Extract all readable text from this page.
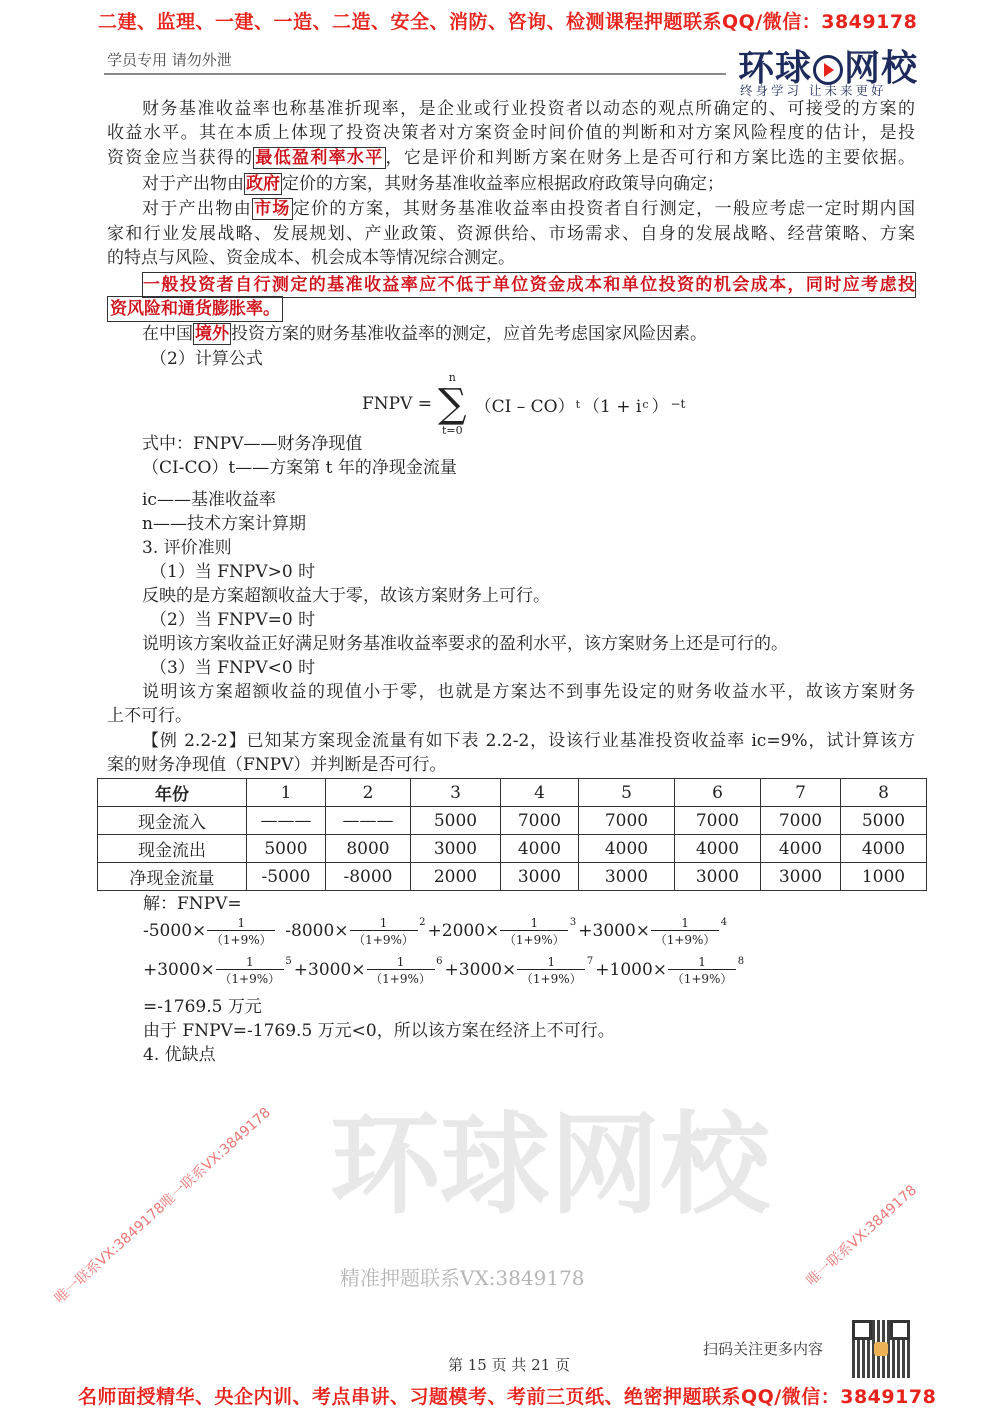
环球网校
精准押题联系VX:3849178
唯一联系VX:3849178唯一联系VX:3849178	唯一联系VX:3849178
二建、监理、一建、一造、二造、安全、消防、咨询、检测课程押题联系QQ/微信：3849178
学员专用 请勿外泄	环球 网校
终身学习 让未来更好
财务基准收益率也称基准折现率，是企业或行业投资者以动态的观点所确定的、可接受的方案的
收益水平。其在本质上体现了投资决策者对方案资金时间价值的判断和对方案风险程度的估计，是投
资资金应当获得的 最低盈利率水平 ，它是评价和判断方案在财务上是否可行和方案比选的主要依据。
对于产出物由 政府 定价的方案，其财务基准收益率应根据政府政策导向确定；
对于产出物由 市场 定价的方案，其财务基准收益率由投资者自行测定，一般应考虑一定时期内国
家和行业发展战略、发展规划、产业政策、资源供给、市场需求、自身的发展战略、经营策略、方案
的特点与风险、资金成本、机会成本等情况综合测定。
一般投资者自行测定的基准收益率应不低于单位资金成本和单位投资的机会成本，同时应考虑投
资风险和通货膨胀率。
在中国 境外 投资方案的财务基准收益率的测定，应首先考虑国家风险因素。
（2）计算公式
FNPV =
n
∑
t=0
（CI – CO） t （1 + i c ） −t
式中：FNPV——财务净现值
（CI-CO）t——方案第 t 年的净现金流量
ic——基准收益率
n——技术方案计算期
3. 评价准则
（1）当 FNPV>0 时
反映的是方案超额收益大于零，故该方案财务上可行。
（2）当 FNPV=0 时
说明该方案收益正好满足财务基准收益率要求的盈利水平，该方案财务上还是可行的。
（3）当 FNPV<0 时
说明该方案超额收益的现值小于零，也就是方案达不到事先设定的财务收益水平，故该方案财务
上不可行。
【例 2.2-2】已知某方案现金流量有如下表 2.2-2，设该行业基准投资收益率 ic=9%，试计算该方
案的财务净现值（FNPV）并判断是否可行。
年份	1	2	3	4	5	6	7	8
现金流入	———	———	5000	7000	7000	7000	7000	5000
现金流出	5000	8000	3000	4000	4000	4000	4000	4000
净现金流量	-5000	-8000	2000	3000	3000	3000	3000	1000
解：FNPV=
$-5000\times \frac{1}{(1+9\%)} -8000\times$	1
（1+9%）
2 +2000×	1
（1+9%）
3 +3000×	1
（1+9%）
4
+3000×	1
（1+9%）
5 +3000×	1
（1+9%）
6 +3000×	1
（1+9%）
7 +1000×	1
（1+9%）
8
=-1769.5 万元
由于 FNPV=-1769.5 万元<0，所以该方案在经济上不可行。
4. 优缺点
扫码关注更多内容
第 15 页 共 21 页
名师面授精华、央企内训、考点串讲、习题模考、考前三页纸、绝密押题联系QQ/微信：3849178
